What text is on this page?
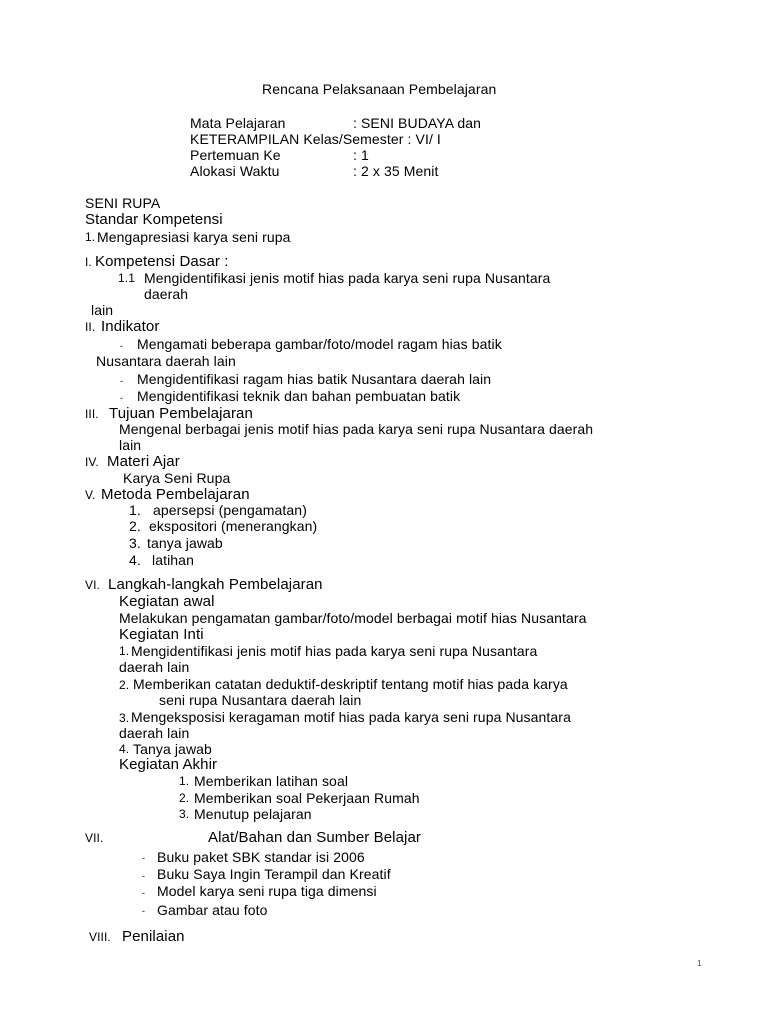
Rencana Pelaksanaan Pembelajaran
Mata Pelajaran	: SENI BUDAYA dan
KETERAMPILAN Kelas/Semester : VI/ I
Pertemuan Ke	: 1
Alokasi Waktu	: 2 x 35 Menit
SENI RUPA
Standar Kompetensi
1. Mengapresiasi karya seni rupa
I. Kompetensi Dasar :
1.1 Mengidentifikasi jenis motif hias pada karya seni rupa Nusantara
daerah
lain
II. Indikator
- Mengamati beberapa gambar/foto/model ragam hias batik
Nusantara daerah lain
- Mengidentifikasi ragam hias batik Nusantara daerah lain
- Mengidentifikasi teknik dan bahan pembuatan batik
III. Tujuan Pembelajaran
Mengenal berbagai jenis motif hias pada karya seni rupa Nusantara daerah
lain
IV. Materi Ajar
Karya Seni Rupa
V. Metoda Pembelajaran
1. apersepsi (pengamatan)
2. ekspositori (menerangkan)
3. tanya jawab
4. latihan
VI. Langkah-langkah Pembelajaran
Kegiatan awal
Melakukan pengamatan gambar/foto/model berbagai motif hias Nusantara
Kegiatan Inti
1. Mengidentifikasi jenis motif hias pada karya seni rupa Nusantara
daerah lain
2. Memberikan catatan deduktif-deskriptif tentang motif hias pada karya
seni rupa Nusantara daerah lain
3. Mengeksposisi keragaman motif hias pada karya seni rupa Nusantara
daerah lain
4. Tanya jawab
Kegiatan Akhir
1. Memberikan latihan soal
2. Memberikan soal Pekerjaan Rumah
3. Menutup pelajaran
VII.	Alat/Bahan dan Sumber Belajar
- Buku paket SBK standar isi 2006
- Buku Saya Ingin Terampil dan Kreatif
- Model karya seni rupa tiga dimensi
- Gambar atau foto
VIII. Penilaian
1
